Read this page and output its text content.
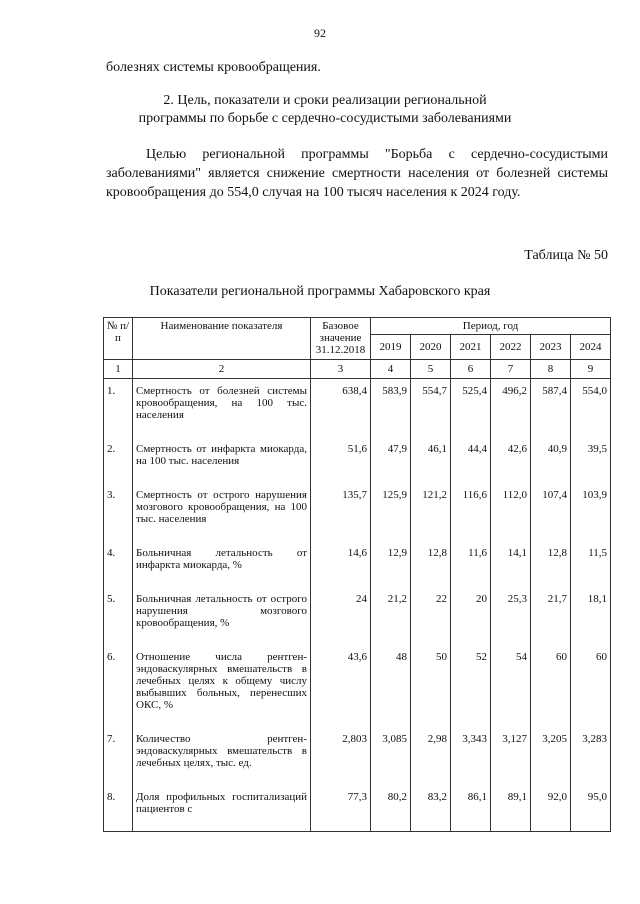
92
болезнях системы кровообращения.
2. Цель, показатели и сроки реализации региональной
программы по борьбе с сердечно-сосудистыми заболеваниями
Целью региональной программы "Борьба с сердечно-сосудистыми заболеваниями" является снижение смертности населения от болезней системы кровообращения до 554,0 случая на 100 тысяч населения к 2024 году.
Таблица № 50
Показатели региональной программы Хабаровского края
№ п/п	Наименование показателя	Базовое значение 31.12.2018	Период, год					
			2019	2020	2021	2022	2023	2024
1	2	3	4	5	6	7	8	9
1.	Смертность от болезней системы кровообращения, на 100 тыс. населения	638,4	583,9	554,7	525,4	496,2	587,4	554,0
2.	Смертность от инфаркта миокарда, на 100 тыс. населения	51,6	47,9	46,1	44,4	42,6	40,9	39,5
3.	Смертность от острого нарушения мозгового кровообращения, на 100 тыс. населения	135,7	125,9	121,2	116,6	112,0	107,4	103,9
4.	Больничная летальность от инфаркта миокарда, %	14,6	12,9	12,8	11,6	14,1	12,8	11,5
5.	Больничная летальность от острого нарушения мозгового кровообращения, %	24	21,2	22	20	25,3	21,7	18,1
6.	Отношение числа рентген-эндоваскулярных вмешательств в лечебных целях к общему числу выбывших больных, перенесших ОКС, %	43,6	48	50	52	54	60	60
7.	Количество рентген-эндоваскулярных вмешательств в лечебных целях, тыс. ед.	2,803	3,085	2,98	3,343	3,127	3,205	3,283
8.	Доля профильных госпитализаций пациентов с	77,3	80,2	83,2	86,1	89,1	92,0	95,0
